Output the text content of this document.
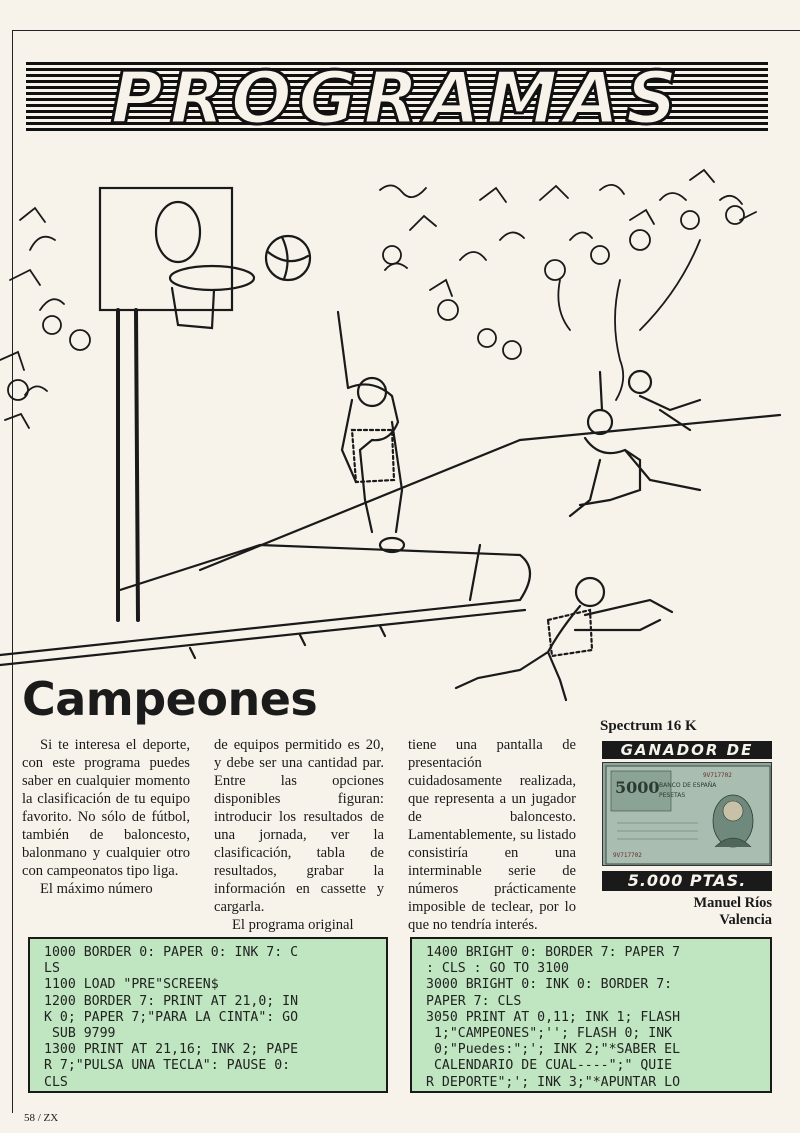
PROGRAMAS
Campeones

Si te interesa el deporte, con este programa puedes saber en cualquier momento la clasificación de tu equipo favorito. No sólo de fútbol, también de baloncesto, balonmano y cualquier otro con campeonatos tipo liga.

El máximo número

de equipos permitido es 20, y debe ser una cantidad par. Entre las opciones disponibles figuran: introducir los resultados de una jornada, ver la clasificación, tabla de resultados, grabar la información en cassette y cargarla.

El programa original

tiene una pantalla de presentación cuidadosamente realizada, que representa a un jugador de baloncesto. Lamentablemente, su listado consistiría en una interminable serie de números prácticamente imposible de teclear, por lo que no tendría interés.

Spectrum 16 K
GANADOR DE
5000 BANCO DE ESPAÑA
PESETAS
9V717702
9V717702
5.000 PTAS.
Manuel Ríos
Valencia
1000 BORDER 0: PAPER 0: INK 7: C
LS
1100 LOAD "PRE"SCREEN$
1200 BORDER 7: PRINT AT 21,0; IN
K 0; PAPER 7;"PARA LA CINTA": GO
SUB 9799
1300 PRINT AT 21,16; INK 2; PAPE
R 7;"PULSA UNA TECLA": PAUSE 0:
CLS
1400 BRIGHT 0: BORDER 7: PAPER 7
: CLS : GO TO 3100
3000 BRIGHT 0: INK 0: BORDER 7:
PAPER 7: CLS
3050 PRINT AT 0,11; INK 1; FLASH
1;"CAMPEONES";''; FLASH 0; INK
0;"Puedes:";'; INK 2;"*SABER EL
CALENDARIO DE CUAL----";" QUIE
R DEPORTE";'; INK 3;"*APUNTAR LO
58 / ZX
